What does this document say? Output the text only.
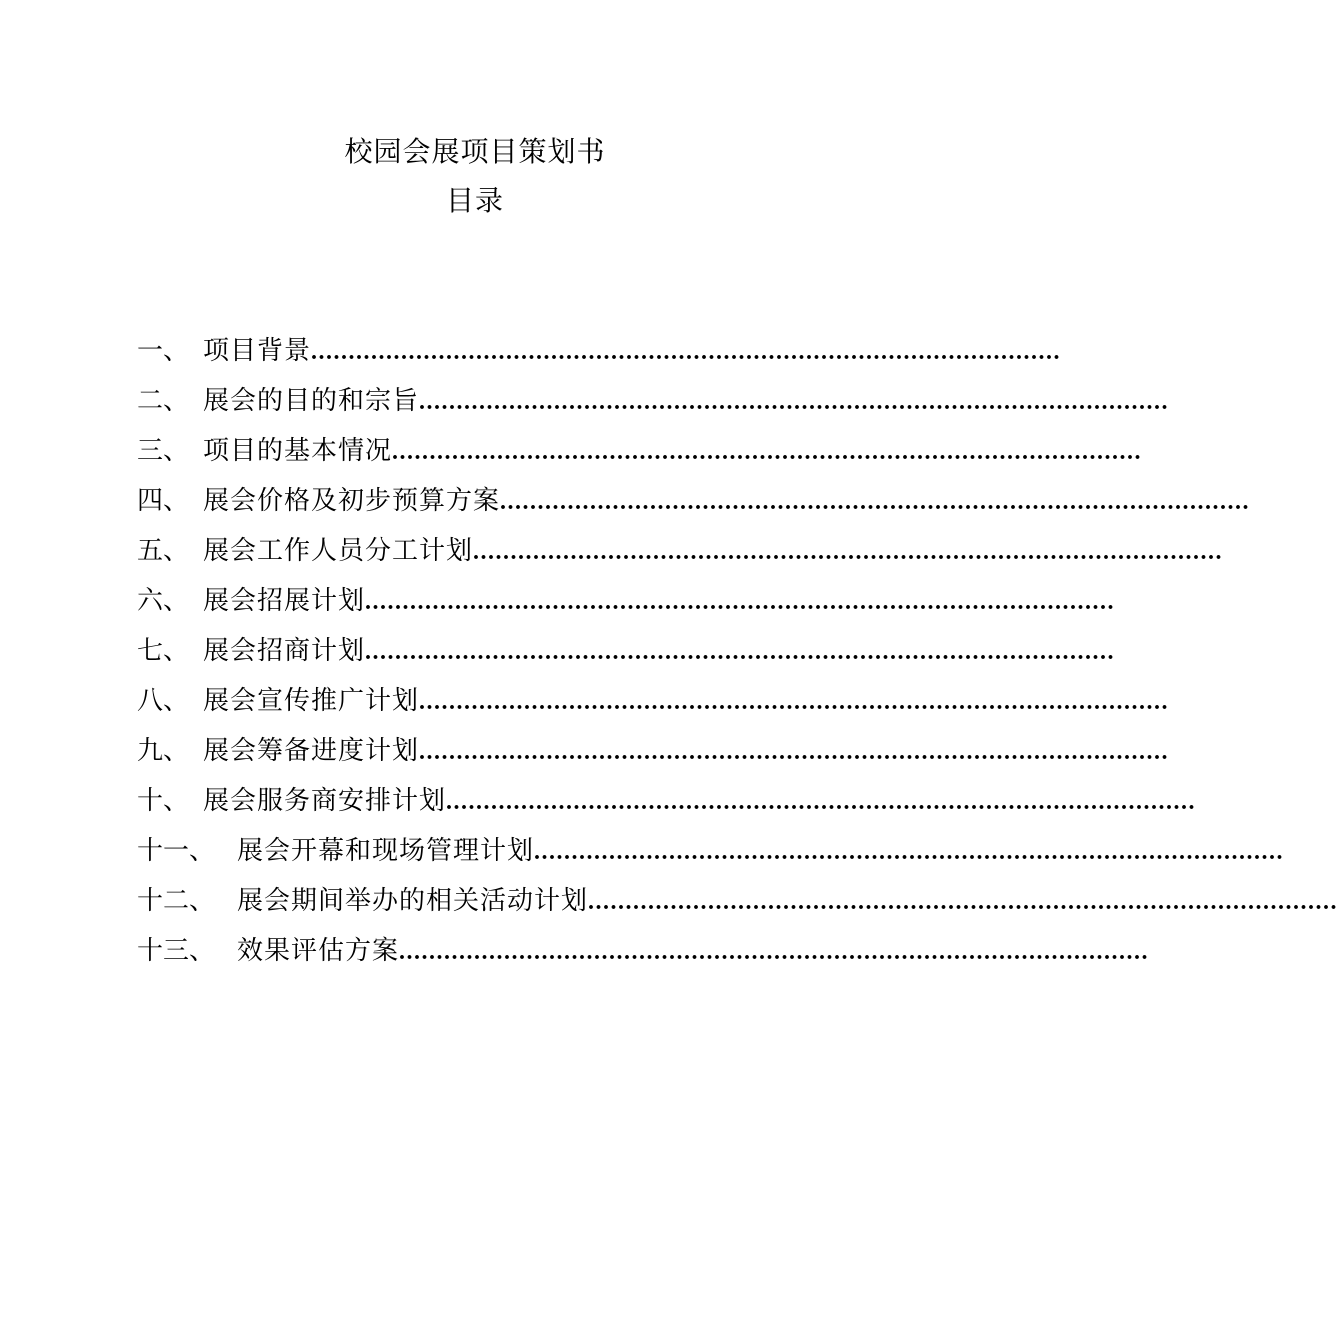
校园会展项目策划书
目录
一、 项目背景 ....................................................................................................
二、 展会的目的和宗旨 ....................................................................................................
三、 项目的基本情况 ....................................................................................................
四、 展会价格及初步预算方案 ....................................................................................................
五、 展会工作人员分工计划 ....................................................................................................
六、 展会招展计划 ....................................................................................................
七、 展会招商计划 ....................................................................................................
八、 展会宣传推广计划 ....................................................................................................
九、 展会筹备进度计划 ....................................................................................................
十、 展会服务商安排计划 ....................................................................................................
十一、 展会开幕和现场管理计划 ....................................................................................................
十二、 展会期间举办的相关活动计划 ....................................................................................................
十三、 效果评估方案 ....................................................................................................
